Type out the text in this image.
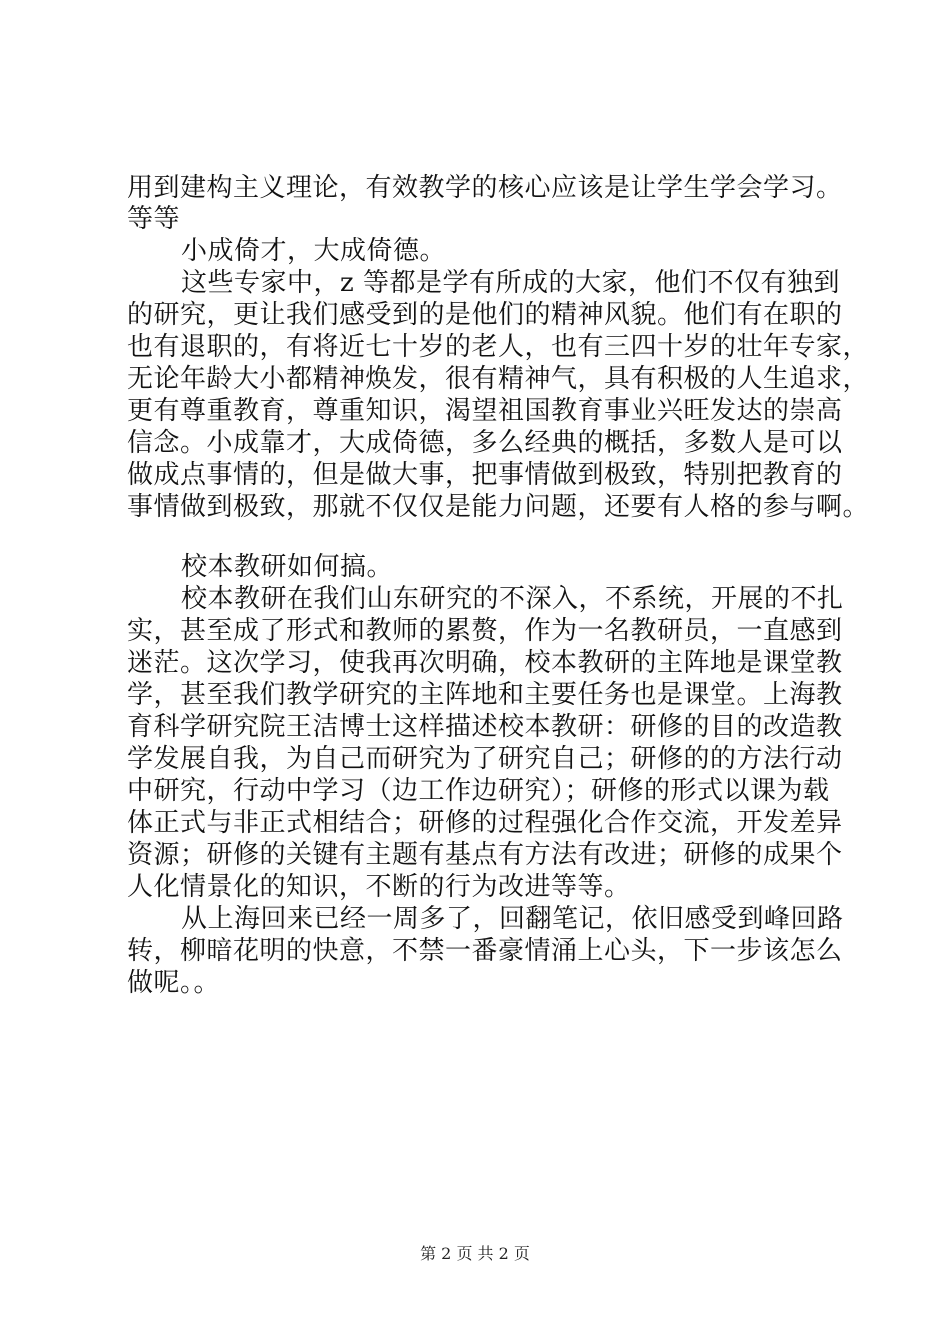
用到建构主义理论，有效教学的核心应该是让学生学会学习。
等等
小成倚才，大成倚德。
这些专家中，z 等都是学有所成的大家，他们不仅有独到
的研究，更让我们感受到的是他们的精神风貌。他们有在职的
也有退职的，有将近七十岁的老人，也有三四十岁的壮年专家，
无论年龄大小都精神焕发，很有精神气，具有积极的人生追求，
更有尊重教育，尊重知识，渴望祖国教育事业兴旺发达的崇高
信念。小成靠才，大成倚德，多么经典的概括，多数人是可以
做成点事情的，但是做大事，把事情做到极致，特别把教育的
事情做到极致，那就不仅仅是能力问题，还要有人格的参与啊。
校本教研如何搞。
校本教研在我们山东研究的不深入，不系统，开展的不扎
实，甚至成了形式和教师的累赘，作为一名教研员，一直感到
迷茫。这次学习，使我再次明确，校本教研的主阵地是课堂教
学，甚至我们教学研究的主阵地和主要任务也是课堂。上海教
育科学研究院王洁博士这样描述校本教研：研修的目的改造教
学发展自我，为自己而研究为了研究自己；研修的的方法行动
中研究，行动中学习（边工作边研究）；研修的形式以课为载
体正式与非正式相结合；研修的过程强化合作交流，开发差异
资源；研修的关键有主题有基点有方法有改进；研修的成果个
人化情景化的知识，不断的行为改进等等。
从上海回来已经一周多了，回翻笔记，依旧感受到峰回路
转，柳暗花明的快意，不禁一番豪情涌上心头，下一步该怎么
做呢。。
第 2 页 共 2 页
